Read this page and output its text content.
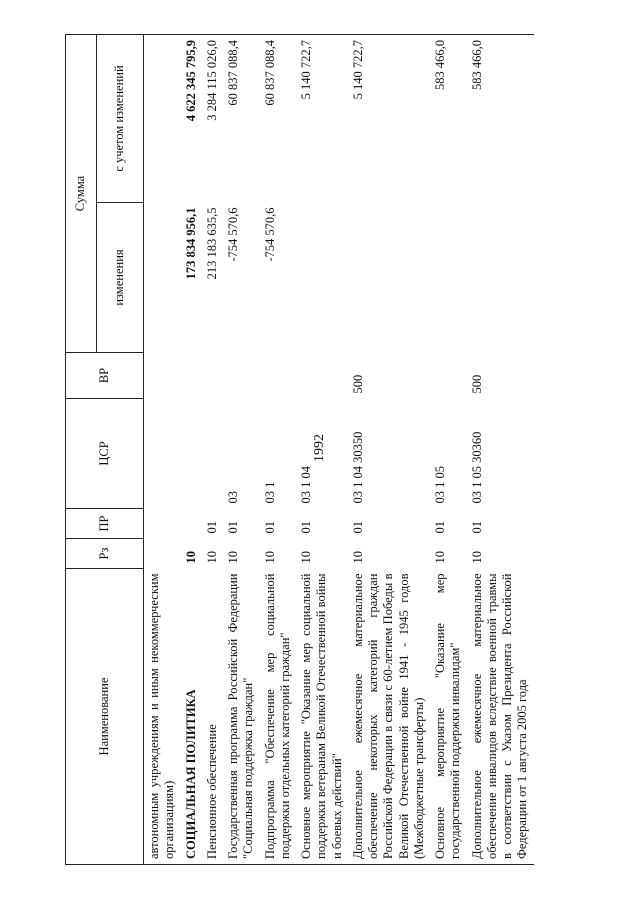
1992
Наименование	Рз	ПР	ЦСР	ВР	Сумма	
					изменения	с учетом изменений
автономным учреждениям и иным некоммерческим организациям)						
СОЦИАЛЬНАЯ ПОЛИТИКА	10				173 834 956,1	4 622 345 795,9
Пенсионное обеспечение	10	01			213 183 635,5	3 284 115 026,0
Государственная программа Российской Федерации "Социальная поддержка граждан"	10	01	03		-754 570,6	60 837 088,4
Подпрограмма "Обеспечение мер социальной поддержки отдельных категорий граждан"	10	01	03 1		-754 570,6	60 837 088,4
Основное мероприятие "Оказание мер социальной поддержки ветеранам Великой Отечественной войны и боевых действий"	10	01	03 1 04			5 140 722,7
Дополнительное ежемесячное материальное обеспечение некоторых категорий граждан Российской Федерации в связи с 60-летием Победы в Великой Отечественной войне 1941 - 1945 годов (Межбюджетные трансферты)	10	01	03 1 04 30350	500		5 140 722,7
Основное мероприятие "Оказание мер государственной поддержки инвалидам"	10	01	03 1 05			583 466,0
Дополнительное ежемесячное материальное обеспечение инвалидов вследствие военной травмы в соответствии с Указом Президента Российской Федерации от 1 августа 2005 года	10	01	03 1 05 30360	500		583 466,0
